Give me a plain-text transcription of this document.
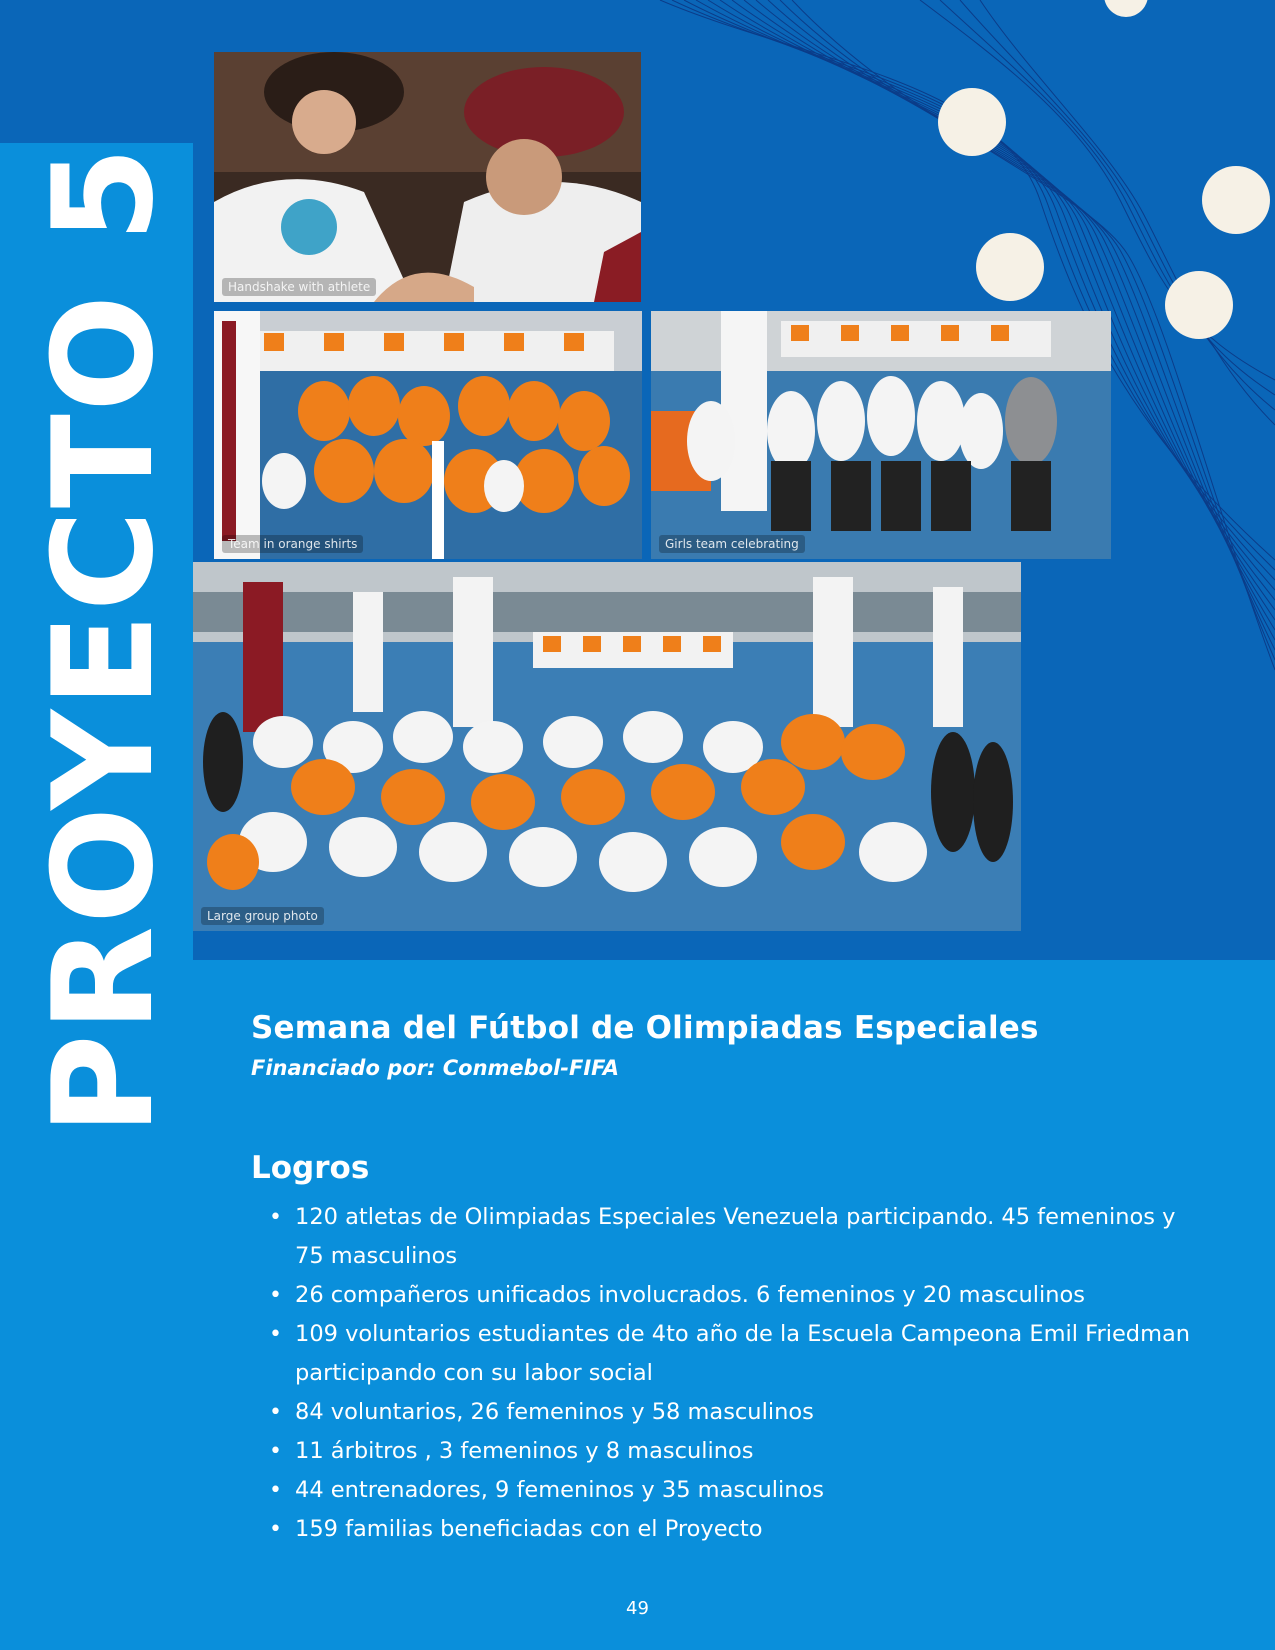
PROYECTO 5	Handshake with athlete
Team in orange shirts	Girls team celebrating
Large group photo
Semana del Fútbol de Olimpiadas Especiales
Financiado por: Conmebol-FIFA
Logros
• 120 atletas de Olimpiadas Especiales Venezuela participando. 45 femeninos y 75 masculinos
• 26 compañeros unificados involucrados. 6 femeninos y 20 masculinos
• 109 voluntarios estudiantes de 4to año de la Escuela Campeona Emil Friedman participando con su labor social
• 84 voluntarios, 26 femeninos y 58 masculinos
• 11 árbitros , 3 femeninos y 8 masculinos
• 44 entrenadores, 9 femeninos y 35 masculinos
• 159 familias beneficiadas con el Proyecto
49
